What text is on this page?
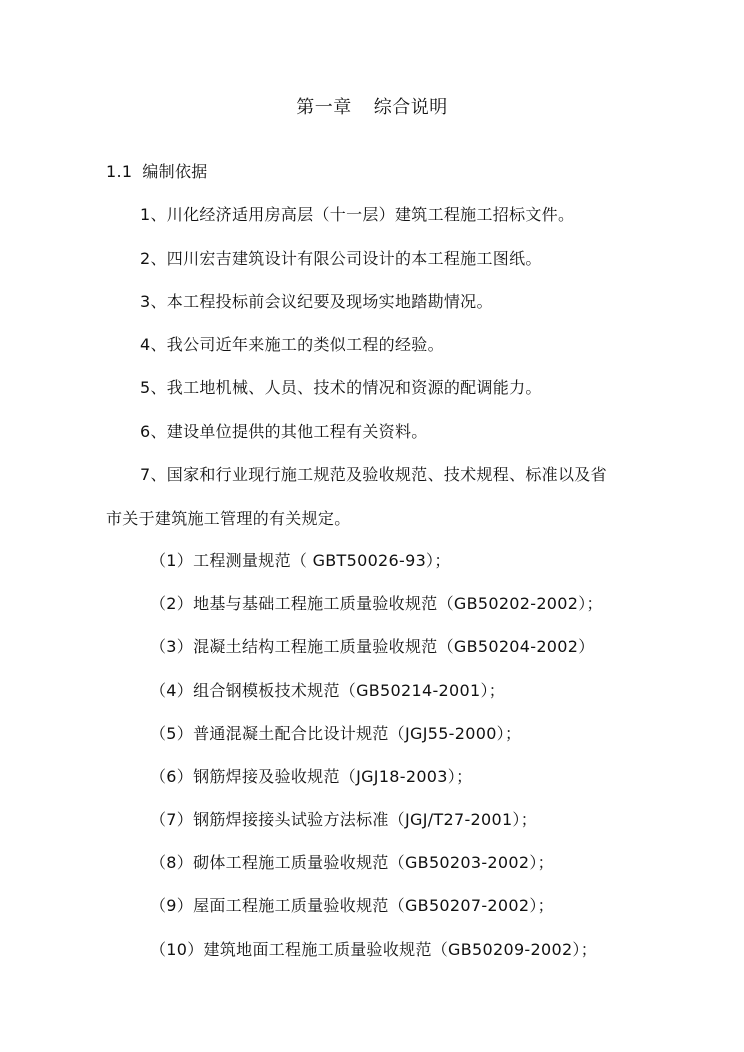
第一章 综合说明
1.1 编制依据
1、川化经济适用房高层（十一层）建筑工程施工招标文件。
2、四川宏吉建筑设计有限公司设计的本工程施工图纸。
3、本工程投标前会议纪要及现场实地踏勘情况。
4、我公司近年来施工的类似工程的经验。
5、我工地机械、人员、技术的情况和资源的配调能力。
6、建设单位提供的其他工程有关资料。
7、国家和行业现行施工规范及验收规范、技术规程、标准以及省
市关于建筑施工管理的有关规定。
（1）工程测量规范（ GBT50026-93）；
（2）地基与基础工程施工质量验收规范（GB50202-2002）；
（3）混凝土结构工程施工质量验收规范（GB50204-2002）
（4）组合钢模板技术规范（GB50214-2001）；
（5）普通混凝土配合比设计规范（JGJ55-2000）；
（6）钢筋焊接及验收规范（JGJ18-2003）；
（7）钢筋焊接接头试验方法标准（JGJ/T27-2001）；
（8）砌体工程施工质量验收规范（GB50203-2002）；
（9）屋面工程施工质量验收规范（GB50207-2002）；
（10）建筑地面工程施工质量验收规范（GB50209-2002）；
